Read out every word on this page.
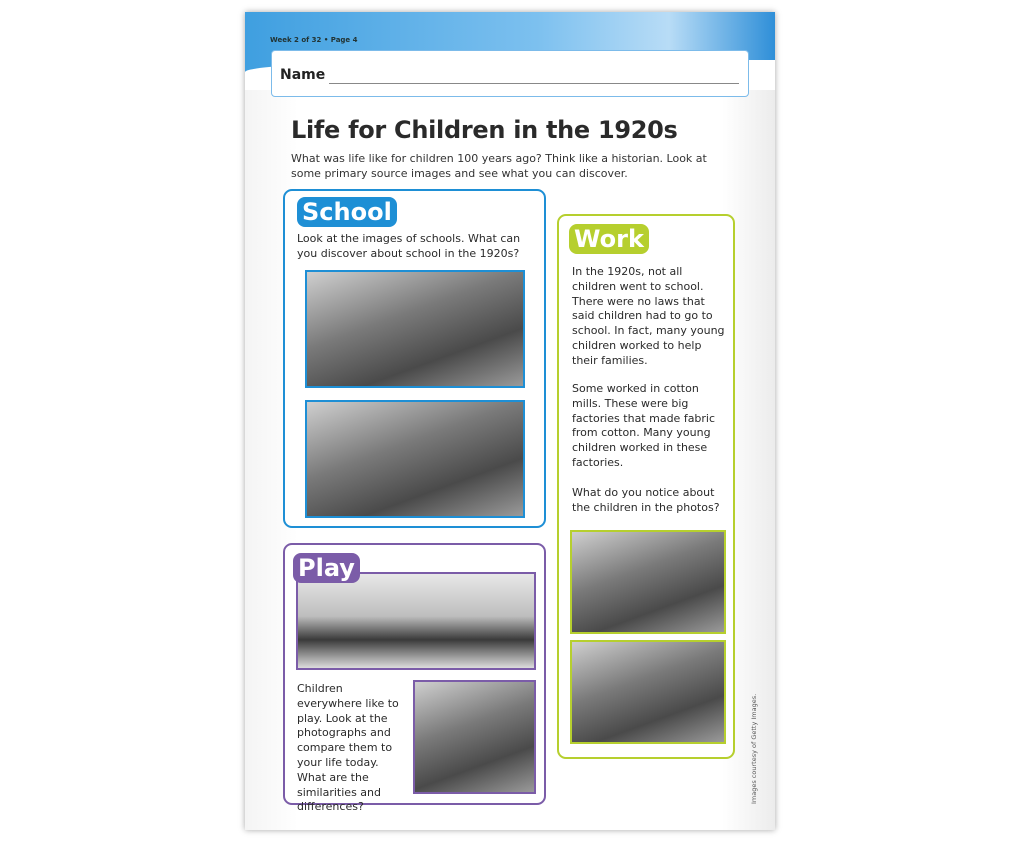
Week 2 of 32 • Page 4
Name
Life for Children in the 1920s
What was life like for children 100 years ago? Think like a historian. Look at some primary source images and see what you can discover.
School
Look at the images of schools. What can you discover about school in the 1920s?
Play
Children everywhere like to play. Look at the photographs and compare them to your life today. What are the similarities and differences?
Work
In the 1920s, not all children went to school. There were no laws that said children had to go to school. In fact, many young children worked to help their families.
Some worked in cotton mills. These were big factories that made fabric from cotton. Many young children worked in these factories.
What do you notice about the children in the photos?
Images courtesy of Getty Images.
